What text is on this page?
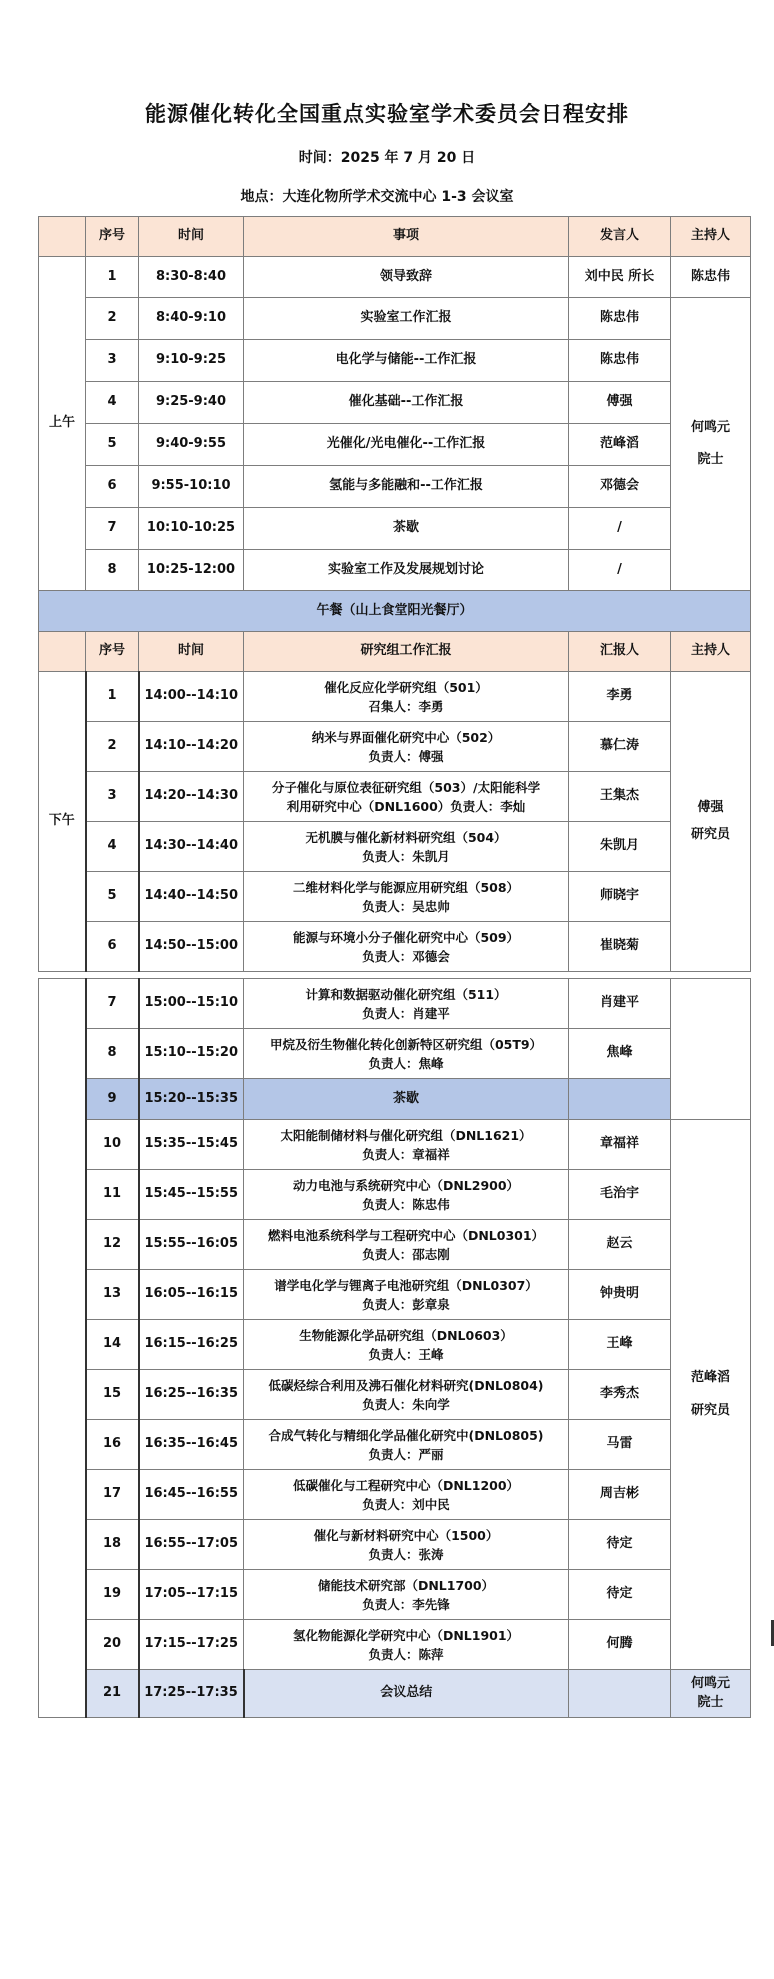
能源催化转化全国重点实验室学术委员会日程安排
时间：2025 年 7 月 20 日
地点：大连化物所学术交流中心 1-3 会议室
	序号	时间	事项	发言人	主持人
上午	1	8:30-8:40	领导致辞	刘中民 所长	陈忠伟
	2	8:40-9:10	实验室工作汇报	陈忠伟	何鸣元
院士

	3	9:10-9:25	电化学与储能--工作汇报	陈忠伟	
	4	9:25-9:40	催化基础--工作汇报	傅强	
	5	9:40-9:55	光催化/光电催化--工作汇报	范峰滔	
	6	9:55-10:10	氢能与多能融和--工作汇报	邓德会	
	7	10:10-10:25	茶歇	/	
	8	10:25-12:00	实验室工作及发展规划讨论	/	
午餐（山上食堂阳光餐厅）					
	序号	时间	研究组工作汇报	汇报人	主持人
下午	1	14:00--14:10	催化反应化学研究组（501）
召集人：李勇	李勇	傅强
研究员

	2	14:10--14:20	纳米与界面催化研究中心（502）
负责人：傅强	慕仁涛	
	3	14:20--14:30	分子催化与原位表征研究组（503）/太阳能科学
利用研究中心（DNL1600）负责人：李灿	王集杰	
	4	14:30--14:40	无机膜与催化新材料研究组（504）
负责人：朱凯月	朱凯月	
	5	14:40--14:50	二维材料化学与能源应用研究组（508）
负责人：吴忠帅	师晓宇	
	6	14:50--15:00	能源与环境小分子催化研究中心（509）
负责人：邓德会	崔晓菊	
	7	15:00--15:10	计算和数据驱动催化研究组（511）
负责人：肖建平	肖建平	
	8	15:10--15:20	甲烷及衍生物催化转化创新特区研究组（05T9）
负责人：焦峰	焦峰	
	9	15:20--15:35	茶歇		
	10	15:35--15:45	太阳能制储材料与催化研究组（DNL1621）
负责人：章福祥	章福祥	范峰滔
研究员

	11	15:45--15:55	动力电池与系统研究中心（DNL2900）
负责人：陈忠伟	毛治宇	
	12	15:55--16:05	燃料电池系统科学与工程研究中心（DNL0301）
负责人：邵志刚	赵云	
	13	16:05--16:15	谱学电化学与锂离子电池研究组（DNL0307）
负责人：彭章泉	钟贵明	
	14	16:15--16:25	生物能源化学品研究组（DNL0603）
负责人：王峰	王峰	
	15	16:25--16:35	低碳烃综合利用及沸石催化材料研究(DNL0804)
负责人：朱向学	李秀杰	
	16	16:35--16:45	合成气转化与精细化学品催化研究中(DNL0805)
负责人：严丽	马雷	
	17	16:45--16:55	低碳催化与工程研究中心（DNL1200）
负责人：刘中民	周吉彬	
	18	16:55--17:05	催化与新材料研究中心（1500）
负责人：张涛	待定	
	19	17:05--17:15	储能技术研究部（DNL1700）
负责人：李先锋	待定	
	20	17:15--17:25	氢化物能源化学研究中心（DNL1901）
负责人：陈萍	何腾	
	21	17:25--17:35	会议总结		何鸣元
院士
